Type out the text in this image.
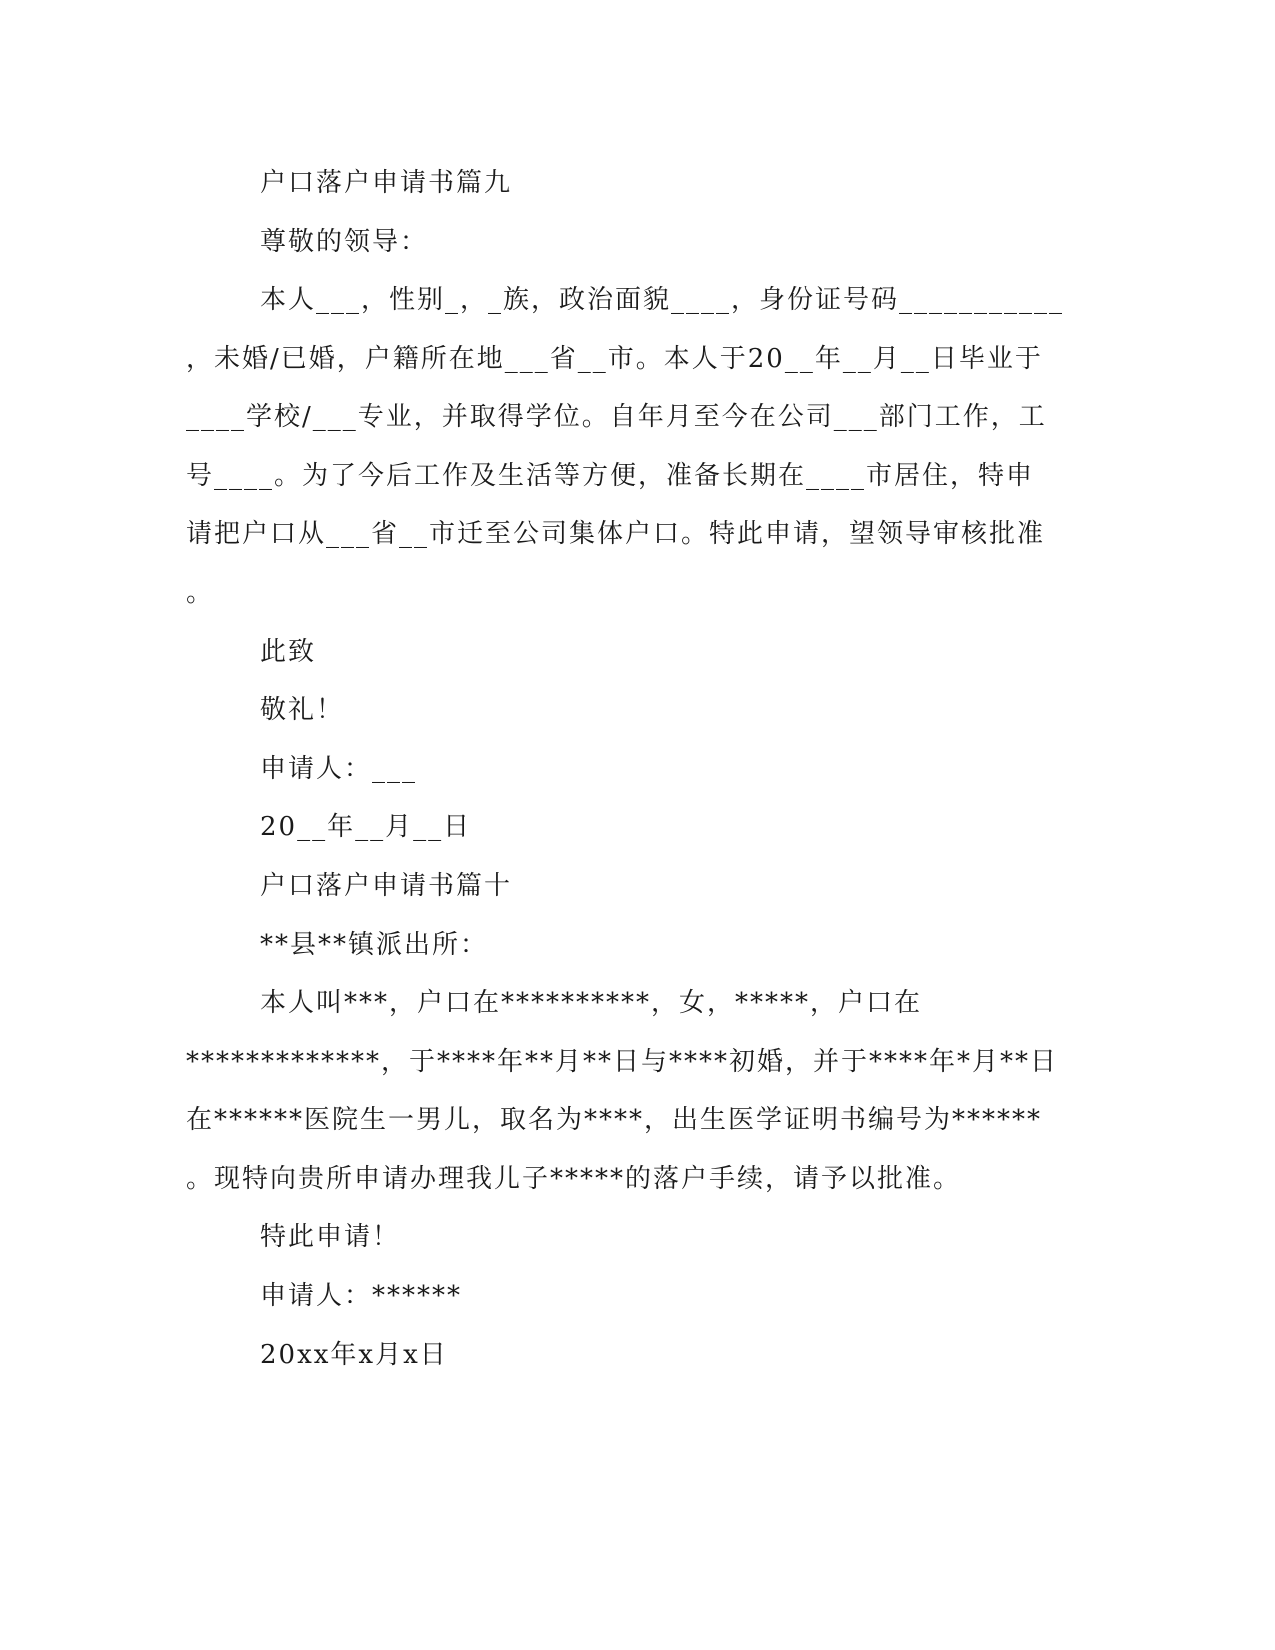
户口落户申请书篇九
尊敬的领导：
本人___，性别_，_族，政治面貌____，身份证号码___________
，未婚/已婚，户籍所在地___省__市。本人于20__年__月__日毕业于
____学校/___专业，并取得学位。自年月至今在公司___部门工作，工
号____。为了今后工作及生活等方便，准备长期在____市居住，特申
请把户口从___省__市迁至公司集体户口。特此申请，望领导审核批准
。
此致
敬礼！
申请人：___
20__年__月__日
户口落户申请书篇十
**县**镇派出所：
本人叫***，户口在**********，女，*****，户口在
*************，于****年**月**日与****初婚，并于****年*月**日
在******医院生一男儿，取名为****，出生医学证明书编号为******
。现特向贵所申请办理我儿子*****的落户手续，请予以批准。
特此申请！
申请人：******
20xx年x月x日
